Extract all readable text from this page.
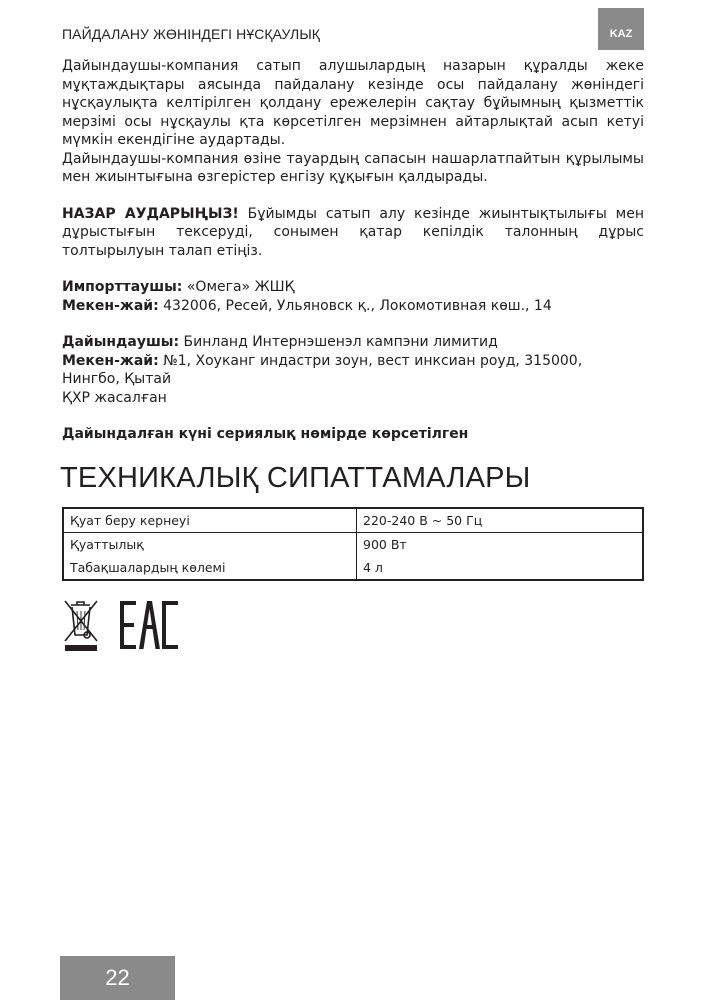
ПАЙДАЛАНУ ЖӨНІНДЕГІ НҰСҚАУЛЫҚ	KAZ

Дайындаушы-компания сатып алушылардың назарын құралды жеке мұқтаждықтары аясында пайдалану кезінде осы пайдалану жөніндегі нұсқаулықта келтірілген қолдану ережелерін сақтау бұйымның қызметтік мерзімі осы нұсқаулы қта көрсетілген мерзімнен айтарлықтай асып кетуі мүмкін екендігіне аудартады.

Дайындаушы-компания өзіне тауардың сапасын нашарлатпайтын құрылымы мен жиынтығына өзгерістер енгізу құқығын қалдырады.

НАЗАР АУДАРЫҢЫЗ! Бұйымды сатып алу кезінде жиынтықтылығы мен дұрыстығын тексеруді, сонымен қатар кепілдік талонның дұрыс толтырылуын талап етіңіз.

Импорттаушы: «Омега» ЖШҚ

Мекен-жай: 432006, Ресей, Ульяновск қ., Локомотивная көш., 14

Дайындаушы: Бинланд Интернэшенэл кампэни лимитид

Мекен-жай: №1, Хоуканг индастри зоун, вест инксиан роуд, 315000, Нингбо, Қытай

ҚХР жасалған

Дайындалған күні сериялық нөмірде көрсетілген

ТЕХНИКАЛЫҚ СИПАТТАМАЛАРЫ
Қуат беру кернеуі	220-240 В ~ 50 Гц
Қуаттылық	900 Вт
Табақшалардың көлемі	4 л
22
